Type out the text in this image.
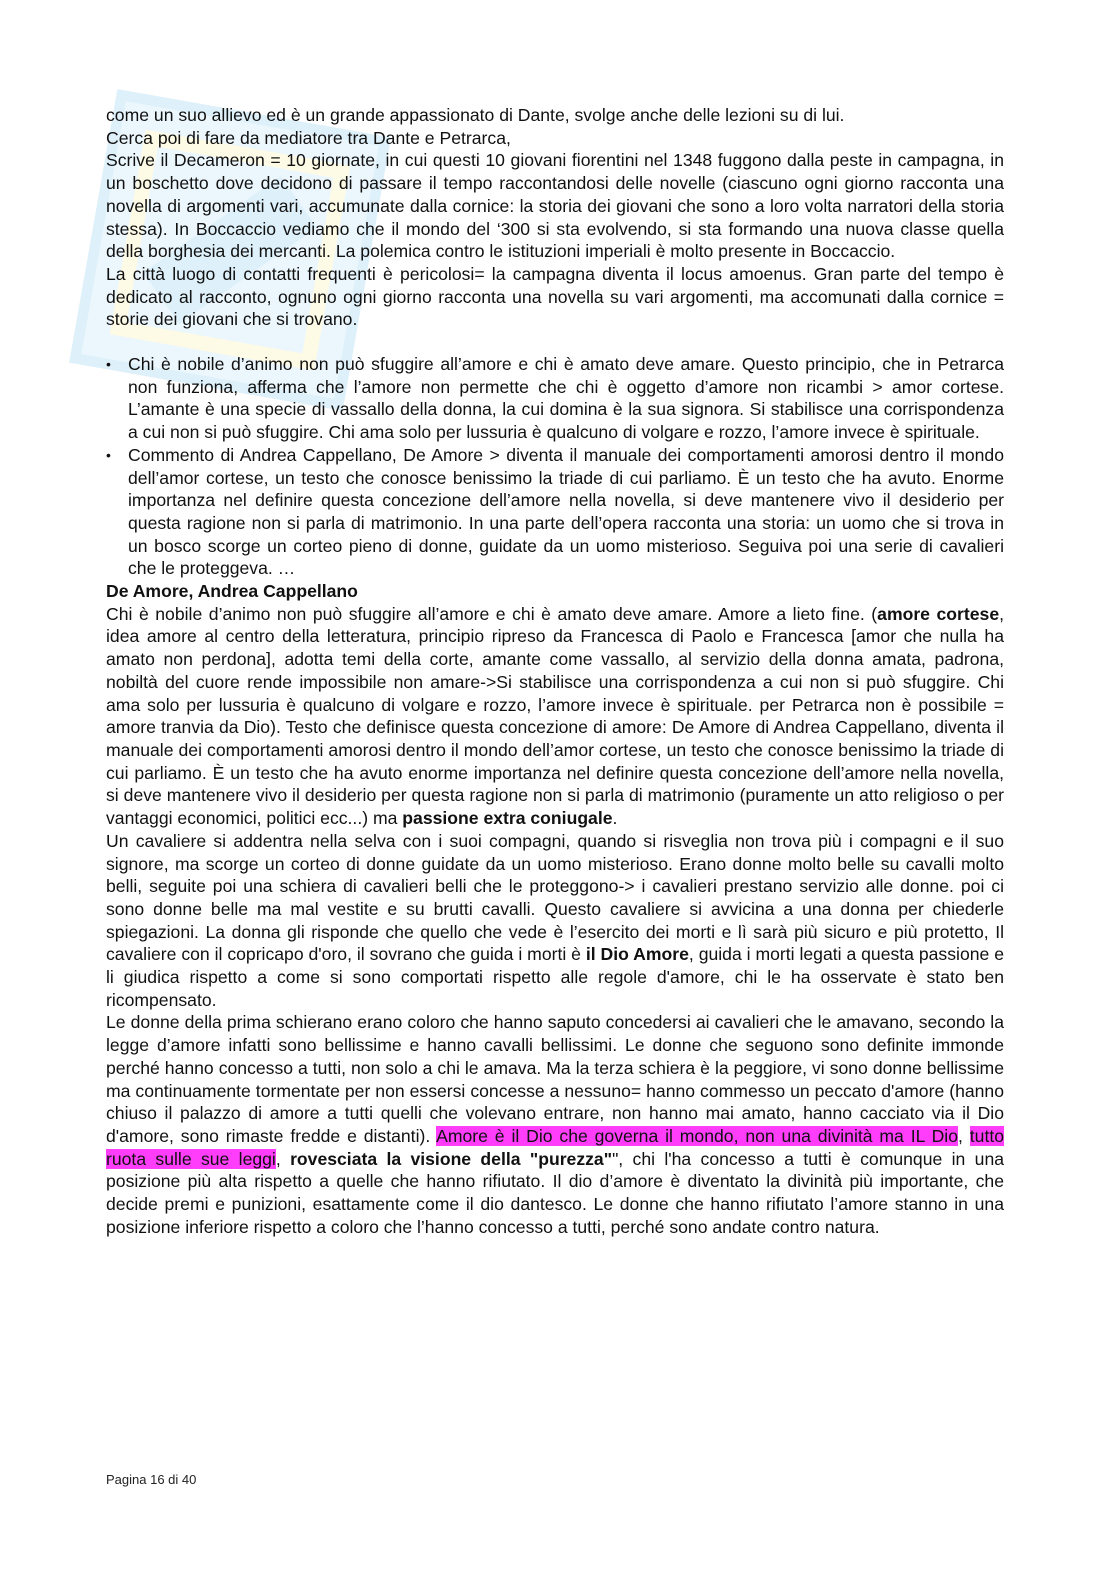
come un suo allievo ed è un grande appassionato di Dante, svolge anche delle lezioni su di lui.

Cerca poi di fare da mediatore tra Dante e Petrarca,

Scrive il Decameron = 10 giornate, in cui questi 10 giovani fiorentini nel 1348 fuggono dalla peste in campagna, in un boschetto dove decidono di passare il tempo raccontandosi delle novelle (ciascuno ogni giorno racconta una novella di argomenti vari, accumunate dalla cornice: la storia dei giovani che sono a loro volta narratori della storia stessa). In Boccaccio vediamo che il mondo del ‘300 si sta evolvendo, si sta formando una nuova classe quella della borghesia dei mercanti. La polemica contro le istituzioni imperiali è molto presente in Boccaccio.

La città luogo di contatti frequenti è pericolosi= la campagna diventa il locus amoenus. Gran parte del tempo è dedicato al racconto, ognuno ogni giorno racconta una novella su vari argomenti, ma accomunati dalla cornice = storie dei giovani che si trovano.

• Chi è nobile d’animo non può sfuggire all’amore e chi è amato deve amare. Questo principio, che in Petrarca non funziona, afferma che l’amore non permette che chi è oggetto d’amore non ricambi > amor cortese. L’amante è una specie di vassallo della donna, la cui domina è la sua signora. Si stabilisce una corrispondenza a cui non si può sfuggire. Chi ama solo per lussuria è qualcuno di volgare e rozzo, l’amore invece è spirituale.
• Commento di Andrea Cappellano, De Amore > diventa il manuale dei comportamenti amorosi dentro il mondo dell’amor cortese, un testo che conosce benissimo la triade di cui parliamo. È un testo che ha avuto. Enorme importanza nel definire questa concezione dell’amore nella novella, si deve mantenere vivo il desiderio per questa ragione non si parla di matrimonio. In una parte dell’opera racconta una storia: un uomo che si trova in un bosco scorge un corteo pieno di donne, guidate da un uomo misterioso. Seguiva poi una serie di cavalieri che le proteggeva. …

De Amore, Andrea Cappellano

Chi è nobile d’animo non può sfuggire all’amore e chi è amato deve amare. Amore a lieto fine. (amore cortese, idea amore al centro della letteratura, principio ripreso da Francesca di Paolo e Francesca [amor che nulla ha amato non perdona], adotta temi della corte, amante come vassallo, al servizio della donna amata, padrona, nobiltà del cuore rende impossibile non amare->Si stabilisce una corrispondenza a cui non si può sfuggire. Chi ama solo per lussuria è qualcuno di volgare e rozzo, l’amore invece è spirituale. per Petrarca non è possibile = amore tranvia da Dio). Testo che definisce questa concezione di amore: De Amore di Andrea Cappellano, diventa il manuale dei comportamenti amorosi dentro il mondo dell’amor cortese, un testo che conosce benissimo la triade di cui parliamo. È un testo che ha avuto enorme importanza nel definire questa concezione dell’amore nella novella, si deve mantenere vivo il desiderio per questa ragione non si parla di matrimonio (puramente un atto religioso o per vantaggi economici, politici ecc...) ma passione extra coniugale.

Un cavaliere si addentra nella selva con i suoi compagni, quando si risveglia non trova più i compagni e il suo signore, ma scorge un corteo di donne guidate da un uomo misterioso. Erano donne molto belle su cavalli molto belli, seguite poi una schiera di cavalieri belli che le proteggono-> i cavalieri prestano servizio alle donne. poi ci sono donne belle ma mal vestite e su brutti cavalli. Questo cavaliere si avvicina a una donna per chiederle spiegazioni. La donna gli risponde che quello che vede è l’esercito dei morti e lì sarà più sicuro e più protetto, Il cavaliere con il copricapo d'oro, il sovrano che guida i morti è il Dio Amore, guida i morti legati a questa passione e li giudica rispetto a come si sono comportati rispetto alle regole d'amore, chi le ha osservate è stato ben ricompensato.

Le donne della prima schierano erano coloro che hanno saputo concedersi ai cavalieri che le amavano, secondo la legge d’amore infatti sono bellissime e hanno cavalli bellissimi. Le donne che seguono sono definite immonde perché hanno concesso a tutti, non solo a chi le amava. Ma la terza schiera è la peggiore, vi sono donne bellissime ma continuamente tormentate per non essersi concesse a nessuno= hanno commesso un peccato d'amore (hanno chiuso il palazzo di amore a tutti quelli che volevano entrare, non hanno mai amato, hanno cacciato via il Dio d'amore, sono rimaste fredde e distanti). Amore è il Dio che governa il mondo, non una divinità ma IL Dio, tutto ruota sulle sue leggi, rovesciata la visione della "purezza"", chi l'ha concesso a tutti è comunque in una posizione più alta rispetto a quelle che hanno rifiutato. Il dio d’amore è diventato la divinità più importante, che decide premi e punizioni, esattamente come il dio dantesco. Le donne che hanno rifiutato l’amore stanno in una posizione inferiore rispetto a coloro che l’hanno concesso a tutti, perché sono andate contro natura.

Pagina 16 di 40
